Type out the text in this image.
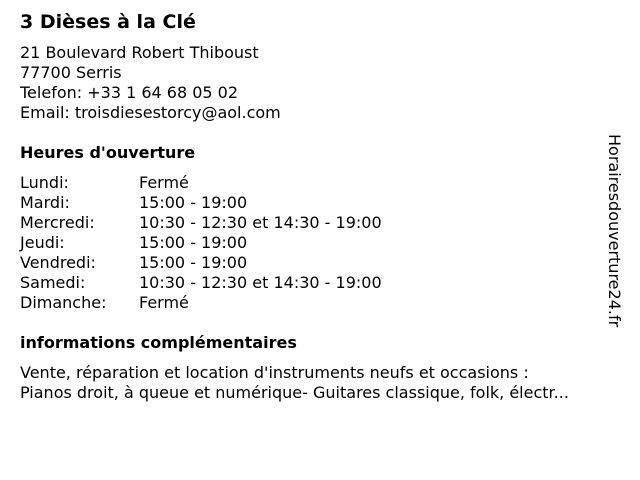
3 Dièses à la Clé
21 Boulevard Robert Thiboust
77700 Serris
Telefon: +33 1 64 68 05 02
Email: troisdiesestorcy@aol.com
Heures d'ouverture
Lundi:	Fermé
Mardi:	15:00 - 19:00
Mercredi:	10:30 - 12:30 et 14:30 - 19:00
Jeudi:	15:00 - 19:00
Vendredi:	15:00 - 19:00
Samedi:	10:30 - 12:30 et 14:30 - 19:00
Dimanche:	Fermé
informations complémentaires
Vente, réparation et location d'instruments neufs et occasions :
Pianos droit, à queue et numérique- Guitares classique, folk, électr...
Horairesdouverture24.fr
